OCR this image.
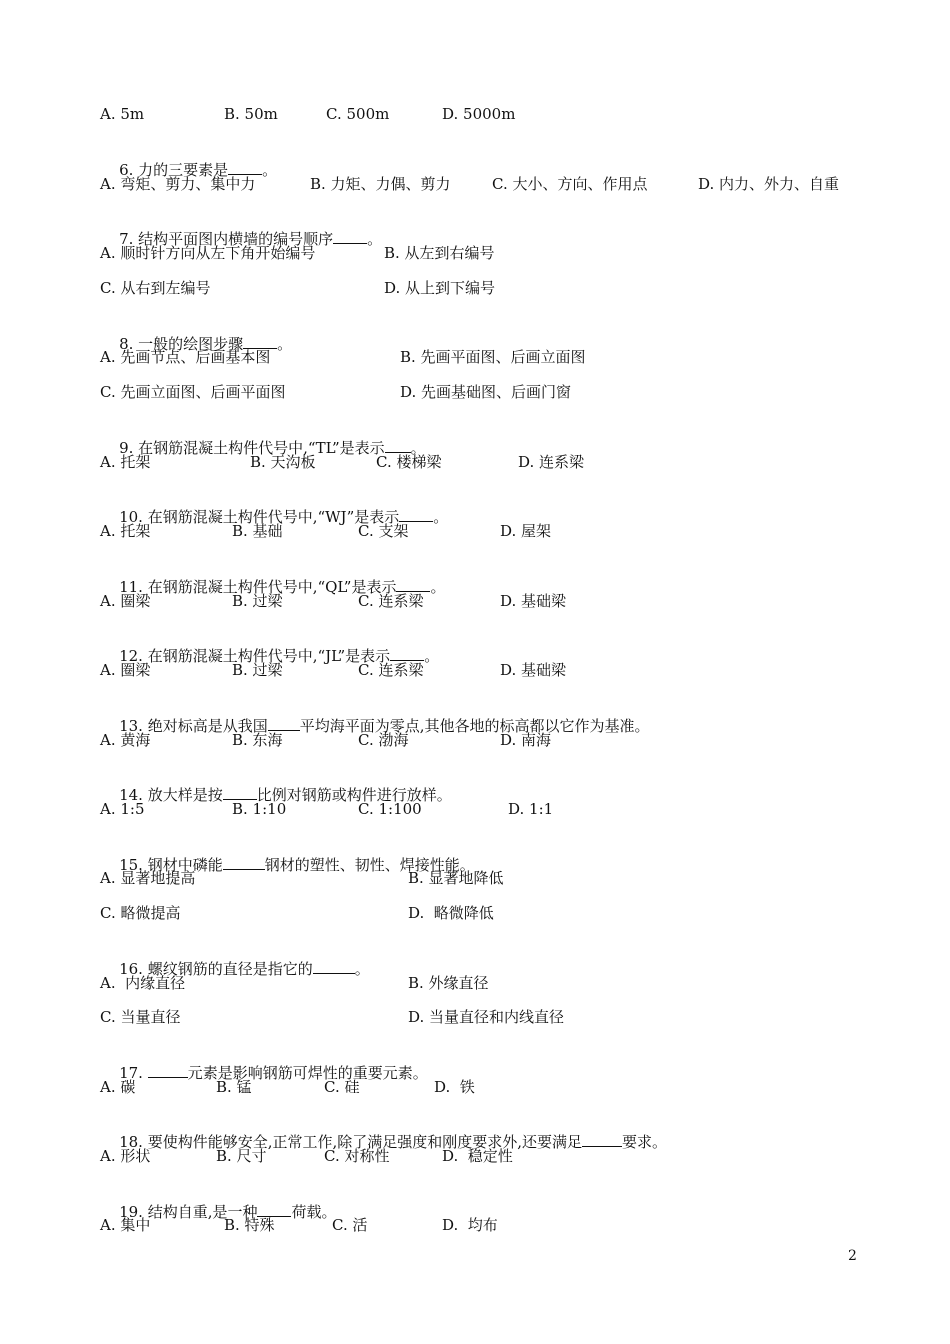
A. 5m	B. 50m	C. 500m	D. 5000m

6. 力的三要素是 。

A. 弯矩、剪力、集中力	B. 力矩、力偶、剪力	C. 大小、方向、作用点	D. 内力、外力、自重

7. 结构平面图内横墙的编号顺序 。

A. 顺时针方向从左下角开始编号	B. 从左到右编号
C. 从右到左编号	D. 从上到下编号

8. 一般的绘图步骤 。

A. 先画节点、后画基本图	B. 先画平面图、后画立面图
C. 先画立面图、后画平面图	D. 先画基础图、后画门窗

9. 在钢筋混凝土构件代号中,“TL”是表示 。

A. 托架	B. 天沟板	C. 楼梯梁	D. 连系梁

10. 在钢筋混凝土构件代号中,“WJ”是表示 。

A. 托架	B. 基础	C. 支架	D. 屋架

11. 在钢筋混凝土构件代号中,“QL”是表示 。

A. 圈梁	B. 过梁	C. 连系梁	D. 基础梁

12. 在钢筋混凝土构件代号中,“JL”是表示 。

A. 圈梁	B. 过梁	C. 连系梁	D. 基础梁

13. 绝对标高是从我国 平均海平面为零点,其他各地的标高都以它作为基准。

A. 黄海	B. 东海	C. 渤海	D. 南海

14. 放大样是按 比例对钢筋或构件进行放样。

A. 1:5	B. 1:10	C. 1:100	D. 1:1

15. 钢材中磷能	钢材的塑性、韧性、焊接性能。

A. 显著地提高	B. 显著地降低
C. 略微提高	D.  略微降低

16. 螺纹钢筋的直径是指它的	。

A.  内缘直径	B. 外缘直径
C. 当量直径	D. 当量直径和内线直径

17.	元素是影响钢筋可焊性的重要元素。

A. 碳	B. 锰	C. 硅	D.  铁

18. 要使构件能够安全,正常工作,除了满足强度和刚度要求外,还要满足	要求。

A. 形状	B. 尺寸	C. 对称性	D.  稳定性

19. 结构自重,是一种 荷载。

A. 集中	B. 特殊	C. 活	D.  均布
2
